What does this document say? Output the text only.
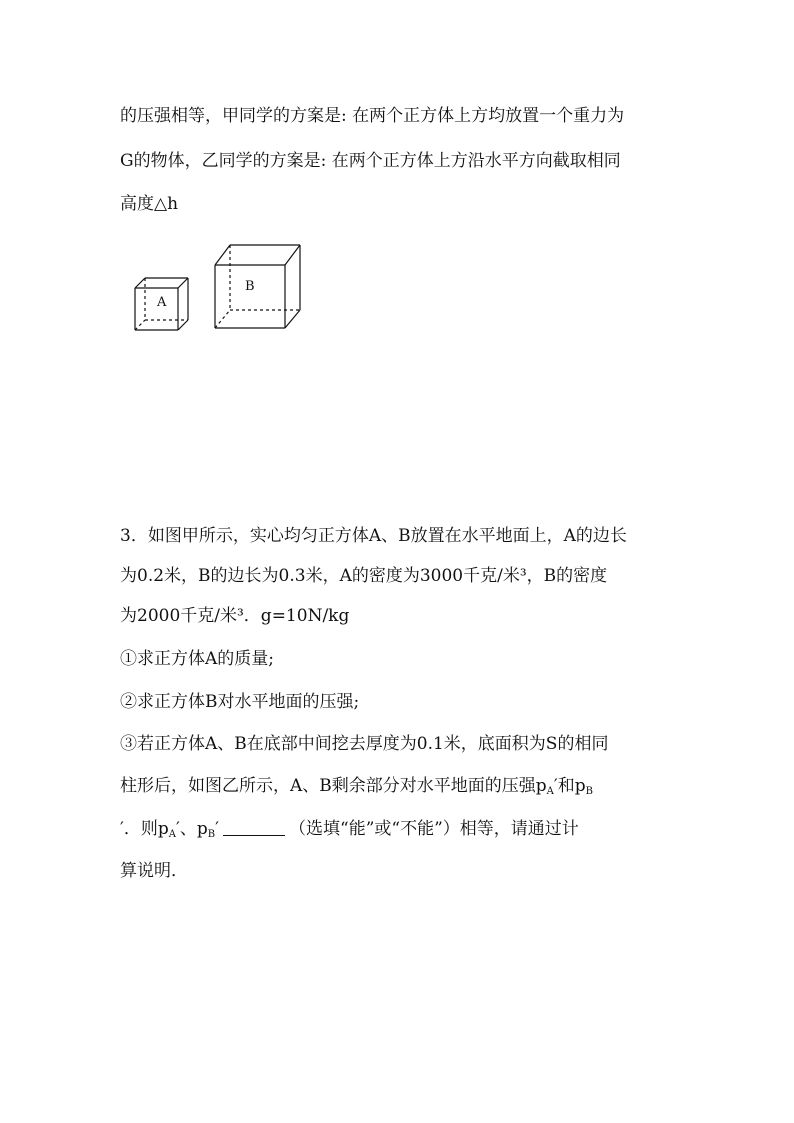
的压强相等，甲同学的方案是: 在两个正方体上方均放置一个重力为
G的物体，乙同学的方案是: 在两个正方体上方沿水平方向截取相同
高度△h
A
B
3．如图甲所示，实心均匀正方体A、B放置在水平地面上，A的边长
为0.2米，B的边长为0.3米，A的密度为3000千克/米³，B的密度
为2000千克/米³．g=10N/kg
①求正方体A的质量;
②求正方体B对水平地面的压强;
③若正方体A、B在底部中间挖去厚度为0.1米，底面积为S的相同
柱形后，如图乙所示，A、B剩余部分对水平地面的压强$p_A'$和$p_B$
′．则$p_A'$、$p_B'$	（选填“能”或“不能”）相等，请通过计
算说明．
